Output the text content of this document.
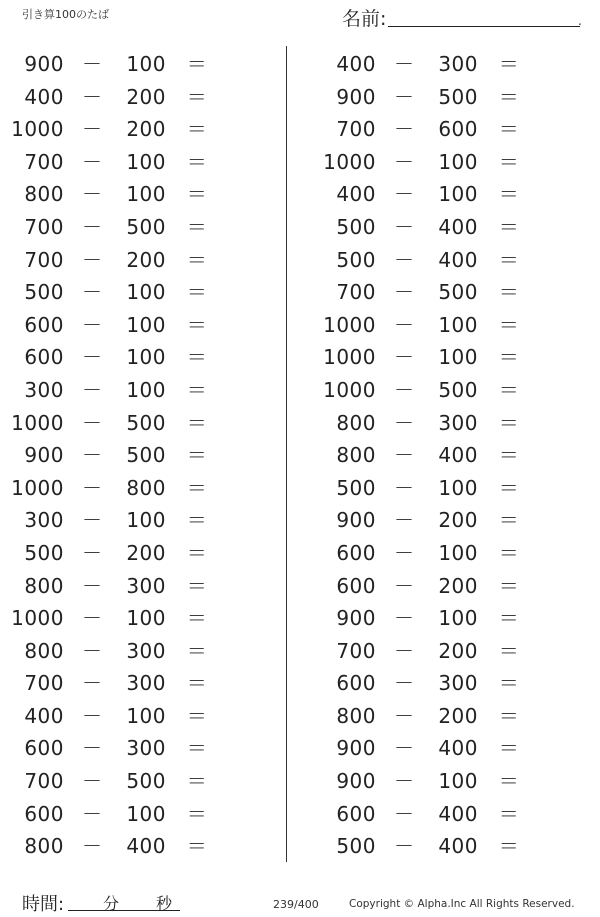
引き算100のたば	名前:	.
900 －	100 ＝
400 －	200 ＝
1000 －	200 ＝
700 －	100 ＝
800 －	100 ＝
700 －	500 ＝
700 －	200 ＝
500 －	100 ＝
600 －	100 ＝
600 －	100 ＝
300 －	100 ＝
1000 －	500 ＝
900 －	500 ＝
1000 －	800 ＝
300 －	100 ＝
500 －	200 ＝
800 －	300 ＝
1000 －	100 ＝
800 －	300 ＝
700 －	300 ＝
400 －	100 ＝
600 －	300 ＝
700 －	500 ＝
600 －	100 ＝
800 －	400 ＝
400 －	300 ＝
900 －	500 ＝
700 －	600 ＝
1000 －	100 ＝
400 －	100 ＝
500 －	400 ＝
500 －	400 ＝
700 －	500 ＝
1000 －	100 ＝
1000 －	100 ＝
1000 －	500 ＝
800 －	300 ＝
800 －	400 ＝
500 －	100 ＝
900 －	200 ＝
600 －	100 ＝
600 －	200 ＝
900 －	100 ＝
700 －	200 ＝
600 －	300 ＝
800 －	200 ＝
900 －	400 ＝
900 －	100 ＝
600 －	400 ＝
500 －	400 ＝
時間: 分 秒	239/400	Copyright © Alpha.Inc All Rights Reserved.
